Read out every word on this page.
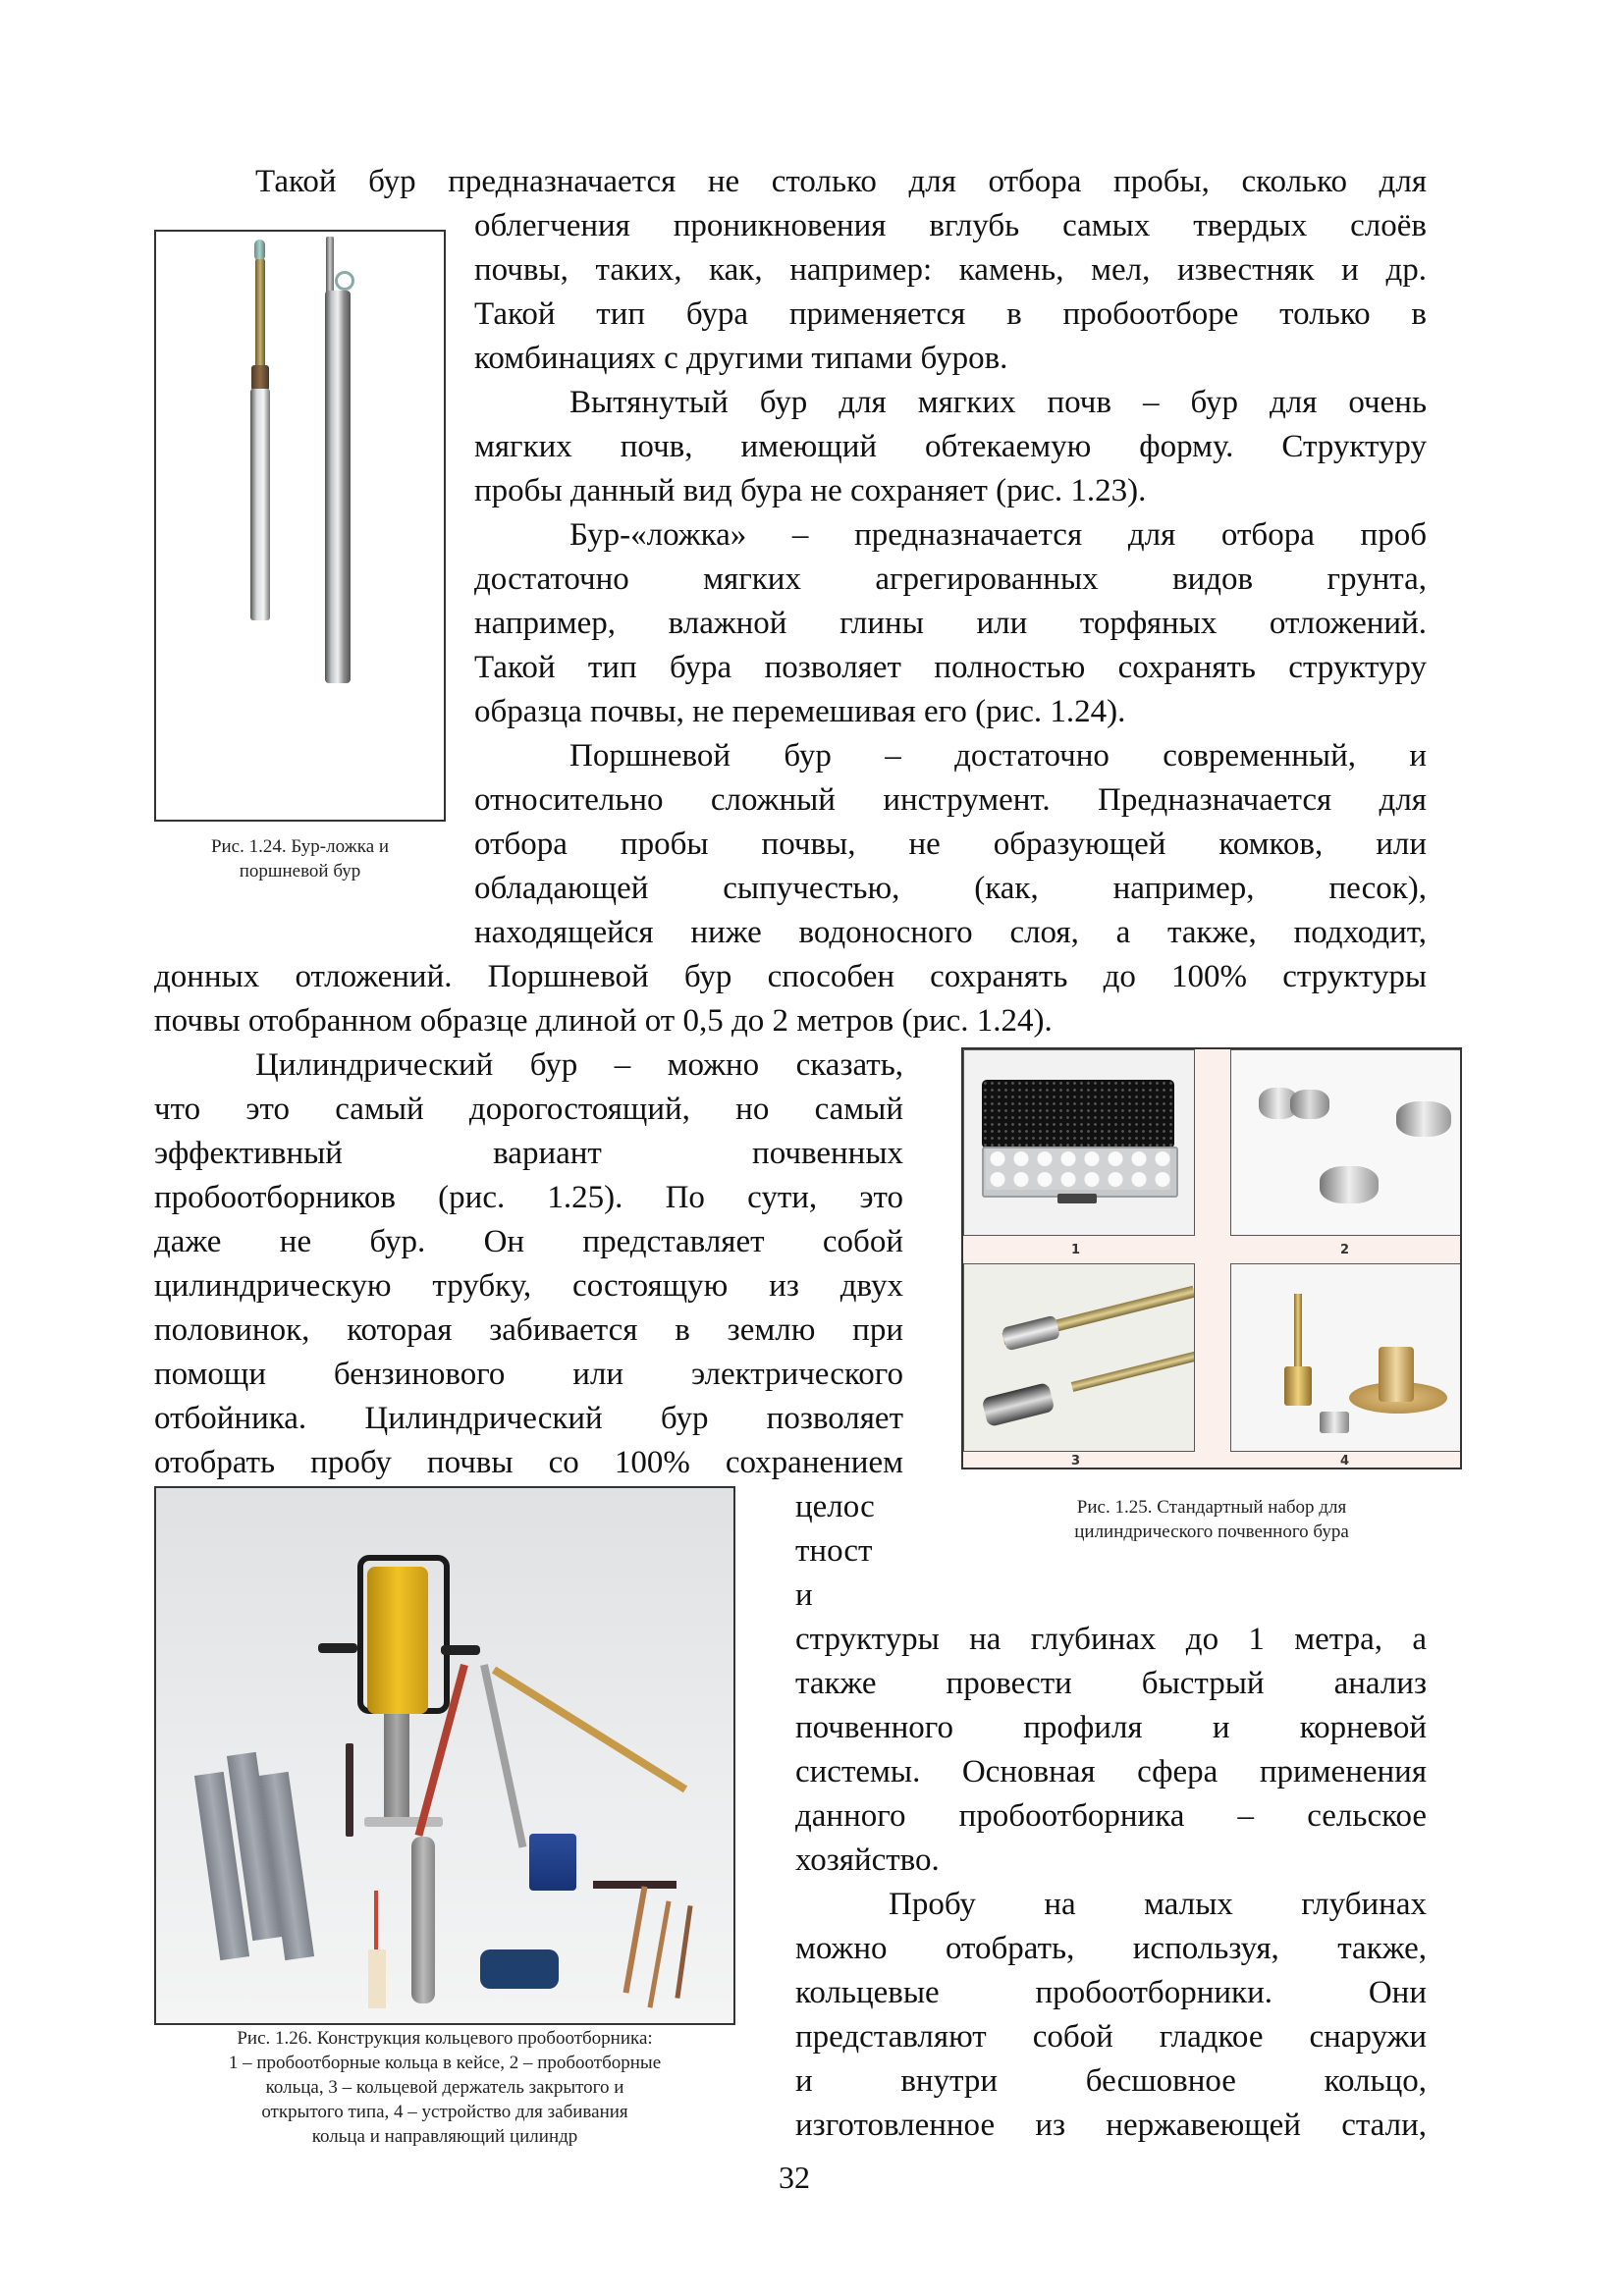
Такой бур предназначается не столько для отбора пробы, сколько для
облегчения проникновения вглубь самых твердых слоёв
почвы, таких, как, например: камень, мел, известняк и др.
Такой тип бура применяется в пробоотборе только в
комбинациях с другими типами буров.
Вытянутый бур для мягких почв – бур для очень
мягких почв, имеющий обтекаемую форму. Структуру
пробы данный вид бура не сохраняет (рис. 1.23).
Бур-«ложка» – предназначается для отбора проб
достаточно мягких агрегированных видов грунта,
например, влажной глины или торфяных отложений.
Такой тип бура позволяет полностью сохранять структуру
образца почвы, не перемешивая его (рис. 1.24).
Поршневой бур – достаточно современный, и
относительно сложный инструмент. Предназначается для
отбора пробы почвы, не образующей комков, или
обладающей сыпучестью, (как, например, песок),
находящейся ниже водоносного слоя, а также, подходит,
донных отложений. Поршневой бур способен сохранять до 100% структуры
почвы отобранном образце длиной от 0,5 до 2 метров (рис. 1.24).
Рис. 1.24. Бур-ложка и
поршневой бур
Цилиндрический бур – можно сказать,
что это самый дорогостоящий, но самый
эффективный вариант почвенных
пробоотборников (рис. 1.25). По сути, это
даже не бур. Он представляет собой
цилиндрическую трубку, состоящую из двух
половинок, которая забивается в землю при
помощи бензинового или электрического
отбойника. Цилиндрический бур позволяет
отобрать пробу почвы со 100% сохранением
целос
тност
и
структуры на глубинах до 1 метра, а
также провести быстрый анализ
почвенного профиля и корневой
системы. Основная сфера применения
данного пробоотборника – сельское
хозяйство.
Пробу на малых глубинах
можно отобрать, используя, также,
кольцевые пробоотборники. Они
представляют собой гладкое снаружи
и внутри бесшовное кольцо,
изготовленное из нержавеющей стали,
1	2
3	4
Рис. 1.25. Стандартный набор для
цилиндрического почвенного бура
Рис. 1.26. Конструкция кольцевого пробоотборника:
1 – пробоотборные кольца в кейсе, 2 – пробоотборные
кольца, 3 – кольцевой держатель закрытого и
открытого типа, 4 – устройство для забивания
кольца и направляющий цилиндр
32
